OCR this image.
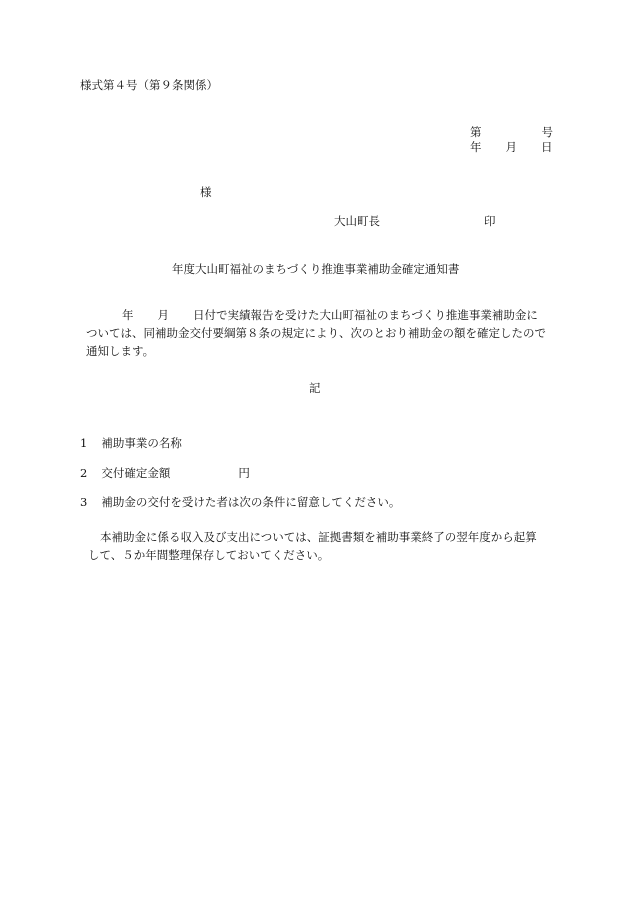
様式第４号（第９条関係）
第	号
年 月 日
様
大山町長	印
年度大山町福祉のまちづくり推進事業補助金確定通知書

年 月 日付で実績報告を受けた大山町福祉のまちづくり推進事業補助金に

ついては、同補助金交付要綱第８条の規定により、次のとおり補助金の額を確定したので

通知します。

記
1 補助事業の名称
2 交付確定金額	円
3 補助金の交付を受けた者は次の条件に留意してください。

本補助金に係る収入及び支出については、証拠書類を補助事業終了の翌年度から起算

して、５か年間整理保存しておいてください。
